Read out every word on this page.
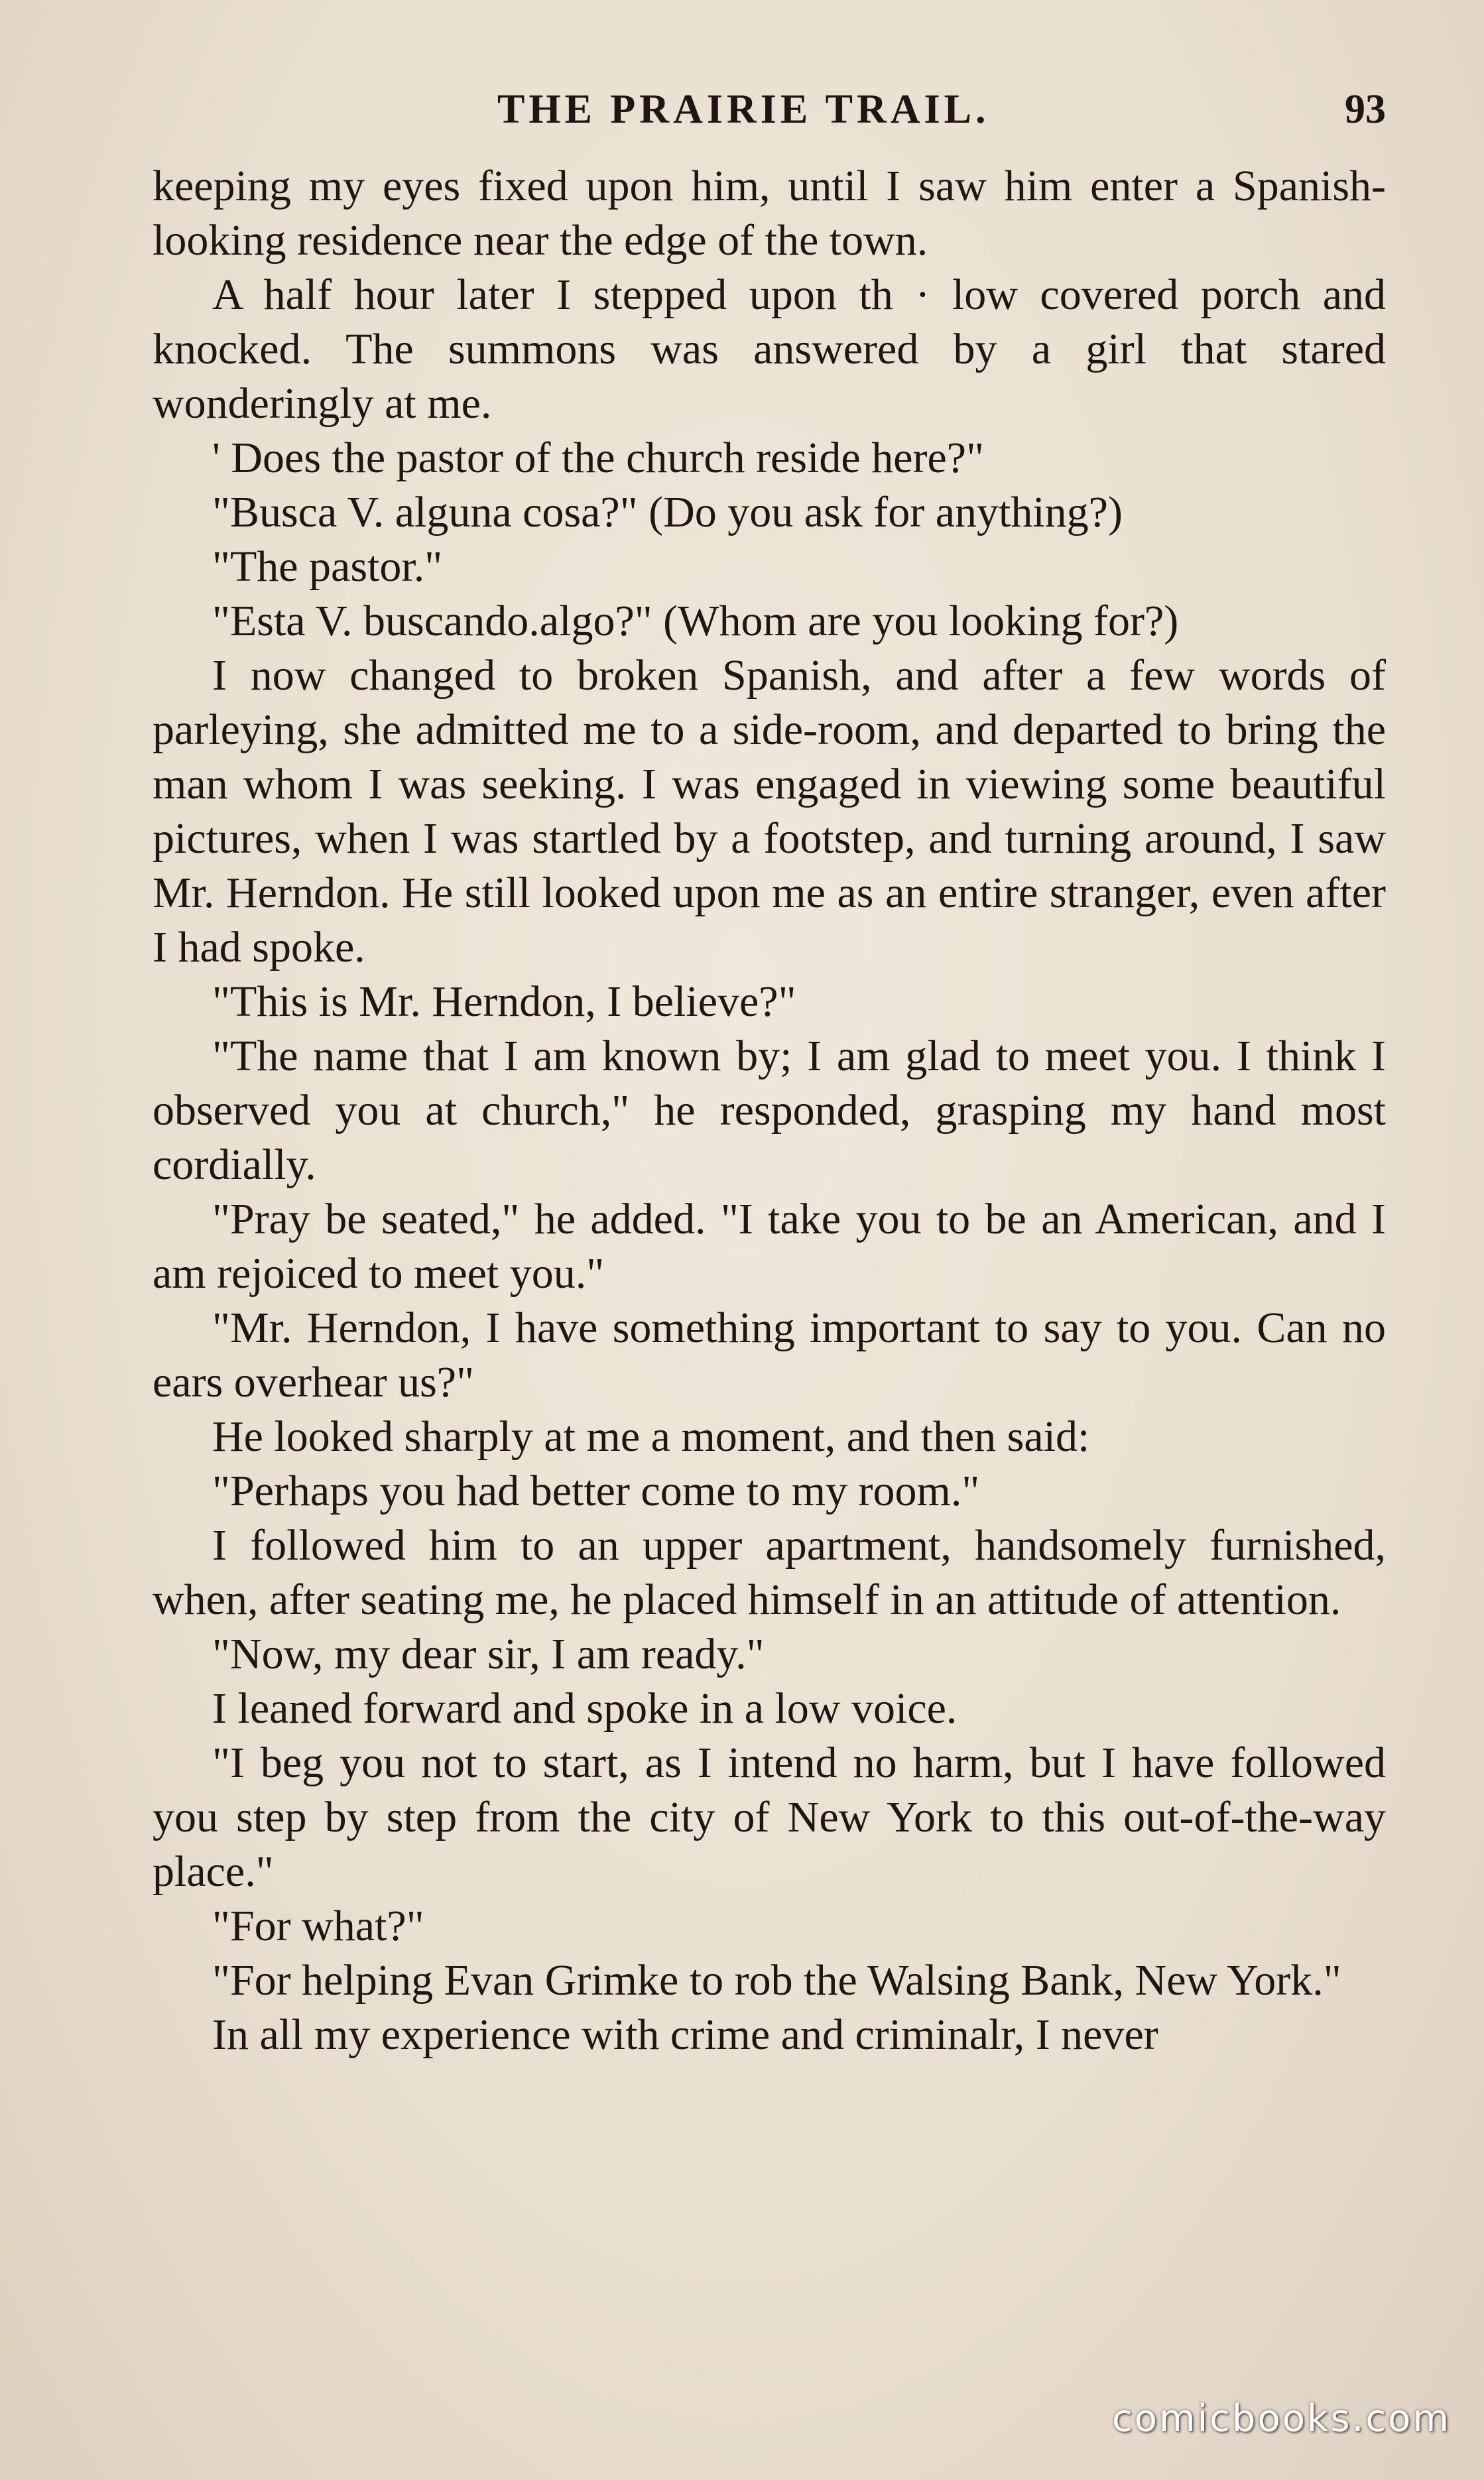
THE PRAIRIE TRAIL.	93

keeping my eyes fixed upon him, until I saw him enter a Spanish-looking residence near the edge of the town.

A half hour later I stepped upon th · low covered porch and knocked. The summons was answered by a girl that stared wonderingly at me.

' Does the pastor of the church reside here?"

"Busca V. alguna cosa?" (Do you ask for anything?)

"The pastor."

"Esta V. buscando.algo?" (Whom are you looking for?)

I now changed to broken Spanish, and after a few words of parleying, she admitted me to a side-room, and departed to bring the man whom I was seeking. I was engaged in viewing some beautiful pictures, when I was startled by a footstep, and turning around, I saw Mr. Herndon. He still looked upon me as an entire stranger, even after I had spoke.

"This is Mr. Herndon, I believe?"

"The name that I am known by; I am glad to meet you. I think I observed you at church," he responded, grasping my hand most cordially.

"Pray be seated," he added. "I take you to be an American, and I am rejoiced to meet you."

"Mr. Herndon, I have something important to say to you. Can no ears overhear us?"

He looked sharply at me a moment, and then said:

"Perhaps you had better come to my room."

I followed him to an upper apartment, handsomely furnished, when, after seating me, he placed himself in an attitude of attention.

"Now, my dear sir, I am ready."

I leaned forward and spoke in a low voice.

"I beg you not to start, as I intend no harm, but I have followed you step by step from the city of New York to this out-of-the-way place."

"For what?"

"For helping Evan Grimke to rob the Walsing Bank, New York."

In all my experience with crime and criminalr, I never

comicbooks.com
